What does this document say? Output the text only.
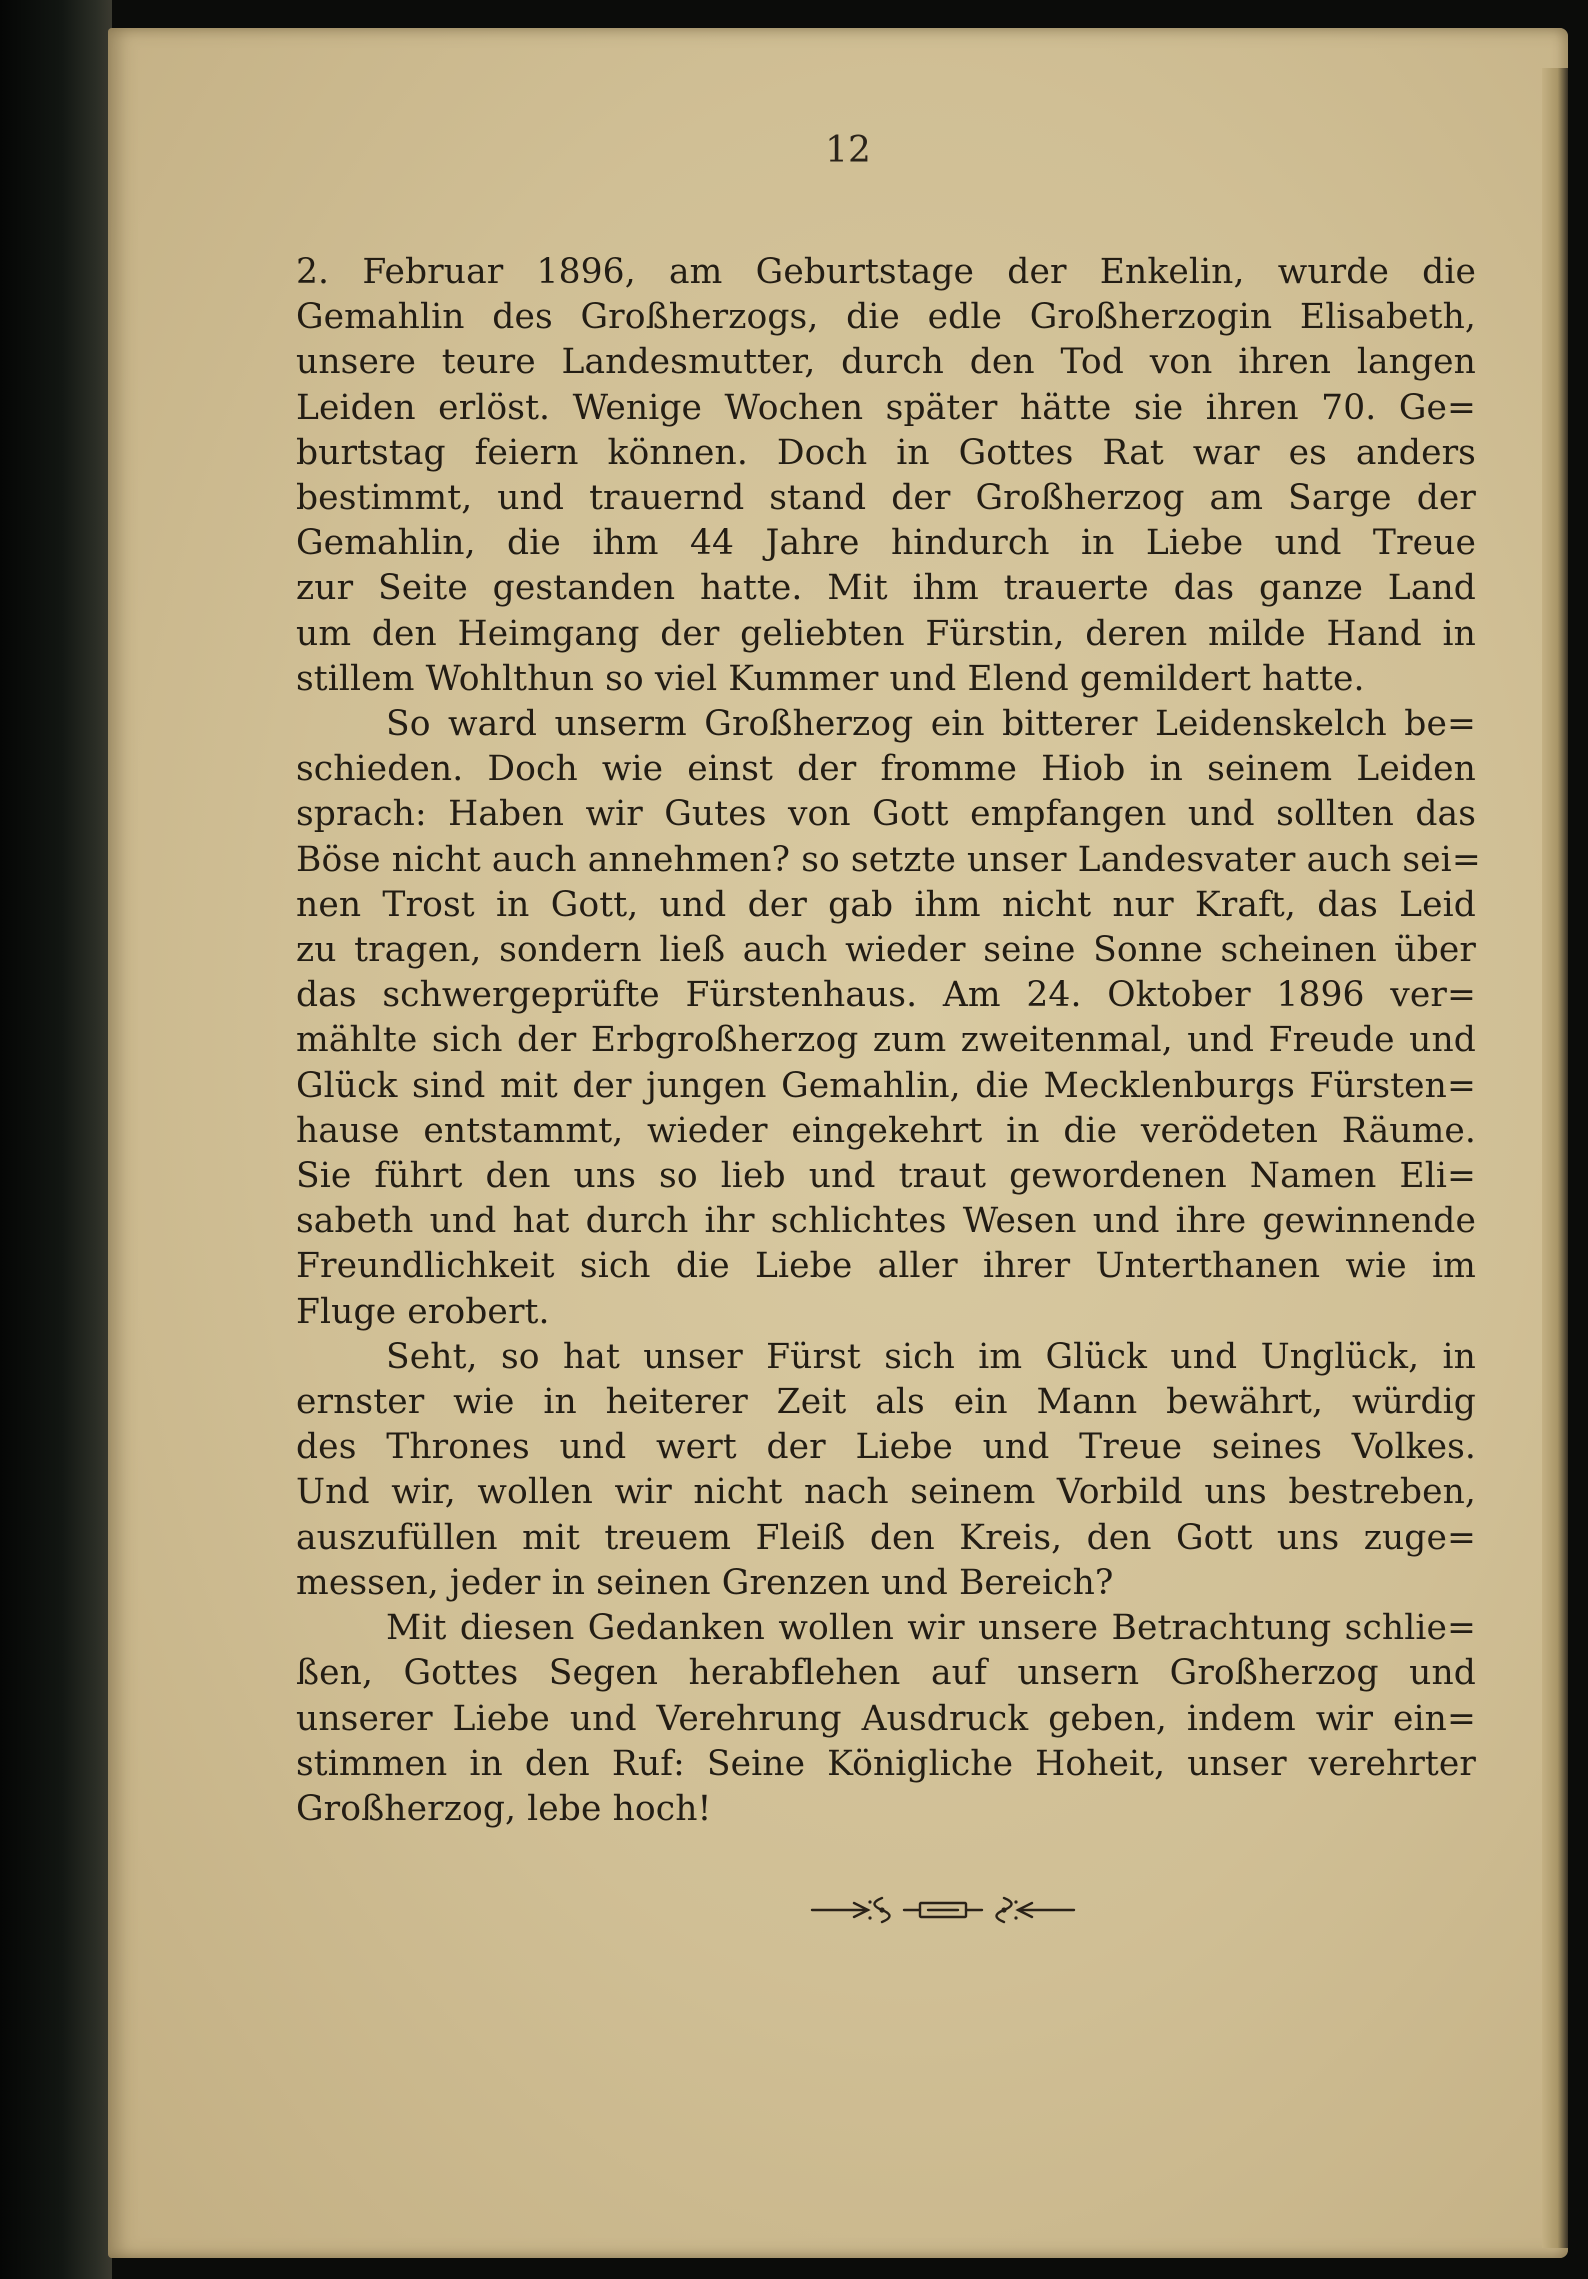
12
2. Februar 1896, am Geburtstage der Enkelin, wurde die
Gemahlin des Großherzogs, die edle Großherzogin Elisabeth,
unsere teure Landesmutter, durch den Tod von ihren langen
Leiden erlöst. Wenige Wochen später hätte sie ihren 70. Ge=
burtstag feiern können. Doch in Gottes Rat war es anders
bestimmt, und trauernd stand der Großherzog am Sarge der
Gemahlin, die ihm 44 Jahre hindurch in Liebe und Treue
zur Seite gestanden hatte. Mit ihm trauerte das ganze Land
um den Heimgang der geliebten Fürstin, deren milde Hand in
stillem Wohlthun so viel Kummer und Elend gemildert hatte.
So ward unserm Großherzog ein bitterer Leidenskelch be=
schieden. Doch wie einst der fromme Hiob in seinem Leiden
sprach: Haben wir Gutes von Gott empfangen und sollten das
Böse nicht auch annehmen? so setzte unser Landesvater auch sei=
nen Trost in Gott, und der gab ihm nicht nur Kraft, das Leid
zu tragen, sondern ließ auch wieder seine Sonne scheinen über
das schwergeprüfte Fürstenhaus. Am 24. Oktober 1896 ver=
mählte sich der Erbgroßherzog zum zweitenmal, und Freude und
Glück sind mit der jungen Gemahlin, die Mecklenburgs Fürsten=
hause entstammt, wieder eingekehrt in die verödeten Räume.
Sie führt den uns so lieb und traut gewordenen Namen Eli=
sabeth und hat durch ihr schlichtes Wesen und ihre gewinnende
Freundlichkeit sich die Liebe aller ihrer Unterthanen wie im
Fluge erobert.
Seht, so hat unser Fürst sich im Glück und Unglück, in
ernster wie in heiterer Zeit als ein Mann bewährt, würdig
des Thrones und wert der Liebe und Treue seines Volkes.
Und wir, wollen wir nicht nach seinem Vorbild uns bestreben,
auszufüllen mit treuem Fleiß den Kreis, den Gott uns zuge=
messen, jeder in seinen Grenzen und Bereich?
Mit diesen Gedanken wollen wir unsere Betrachtung schlie=
ßen, Gottes Segen herabflehen auf unsern Großherzog und
unserer Liebe und Verehrung Ausdruck geben, indem wir ein=
stimmen in den Ruf: Seine Königliche Hoheit, unser verehrter
Großherzog, lebe hoch!
